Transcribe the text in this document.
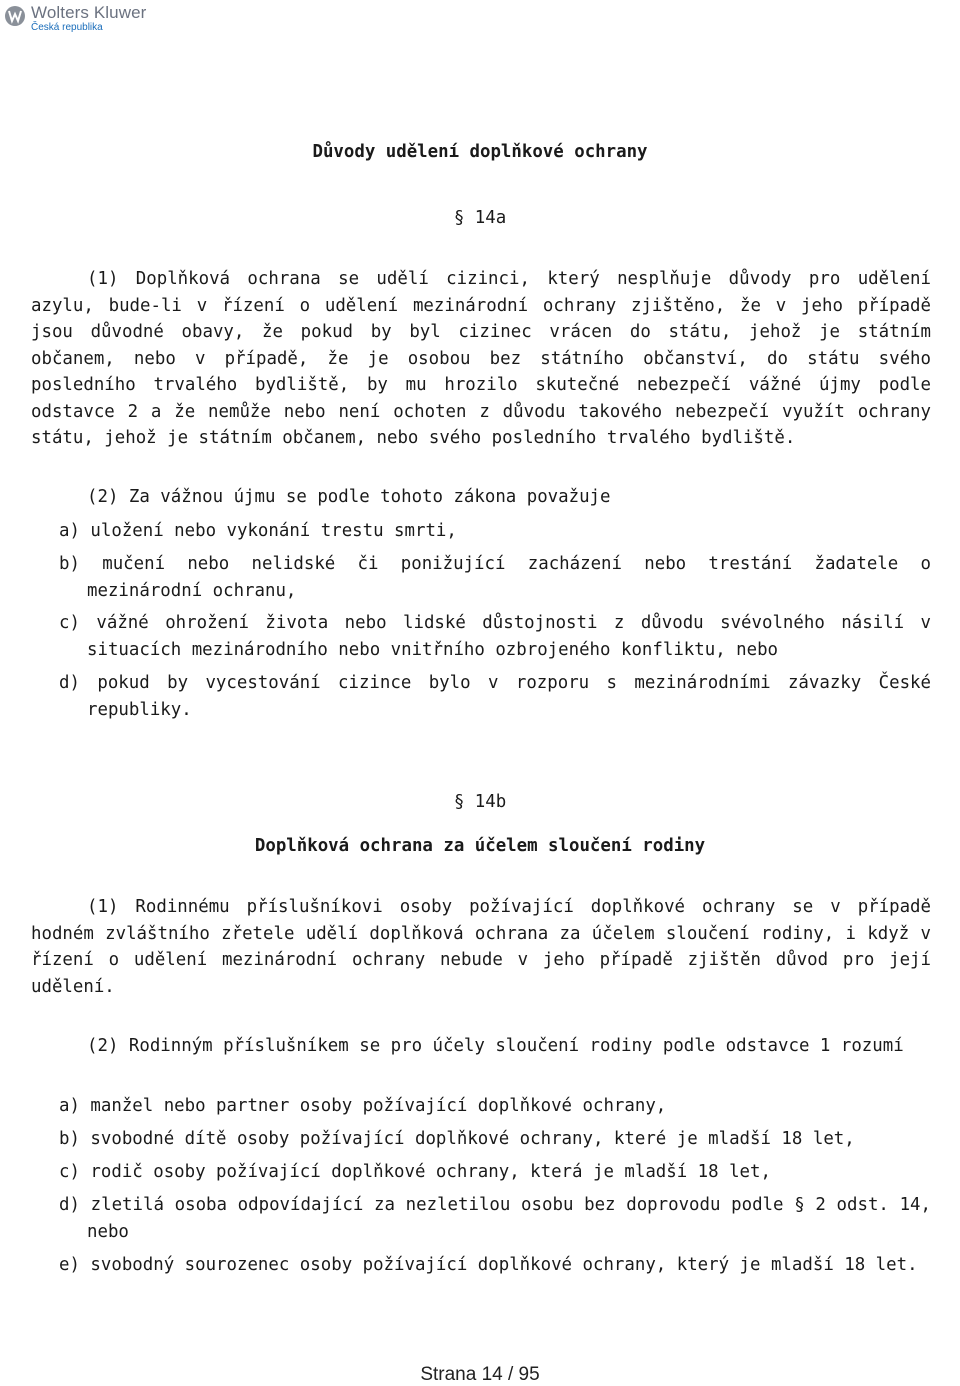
Wolters Kluwer
Česká republika
Důvody udělení doplňkové ochrany
§ 14a
(1) Doplňková ochrana se udělí cizinci, který nesplňuje důvody pro udělení azylu, bude-li v řízení o udělení mezinárodní ochrany zjištěno, že v jeho případě jsou důvodné obavy, že pokud by byl cizinec vrácen do státu, jehož je státním občanem, nebo v případě, že je osobou bez státního občanství, do státu svého posledního trvalého bydliště, by mu hrozilo skutečné nebezpečí vážné újmy podle odstavce 2 a že nemůže nebo není ochoten z důvodu takového nebezpečí využít ochrany státu, jehož je státním občanem, nebo svého posledního trvalého bydliště.
(2) Za vážnou újmu se podle tohoto zákona považuje
a) uložení nebo vykonání trestu smrti,
b) mučení nebo nelidské či ponižující zacházení nebo trestání žadatele o mezinárodní ochranu,
c) vážné ohrožení života nebo lidské důstojnosti z důvodu svévolného násilí v situacích mezinárodního nebo vnitřního ozbrojeného konfliktu, nebo
d) pokud by vycestování cizince bylo v rozporu s mezinárodními závazky České republiky.
§ 14b
Doplňková ochrana za účelem sloučení rodiny
(1) Rodinnému příslušníkovi osoby požívající doplňkové ochrany se v případě hodném zvláštního zřetele udělí doplňková ochrana za účelem sloučení rodiny, i když v řízení o udělení mezinárodní ochrany nebude v jeho případě zjištěn důvod pro její udělení.
(2) Rodinným příslušníkem se pro účely sloučení rodiny podle odstavce 1 rozumí
a) manžel nebo partner osoby požívající doplňkové ochrany,
b) svobodné dítě osoby požívající doplňkové ochrany, které je mladší 18 let,
c) rodič osoby požívající doplňkové ochrany, která je mladší 18 let,
d) zletilá osoba odpovídající za nezletilou osobu bez doprovodu podle § 2 odst. 14, nebo
e) svobodný sourozenec osoby požívající doplňkové ochrany, který je mladší 18 let.
Strana 14 / 95
